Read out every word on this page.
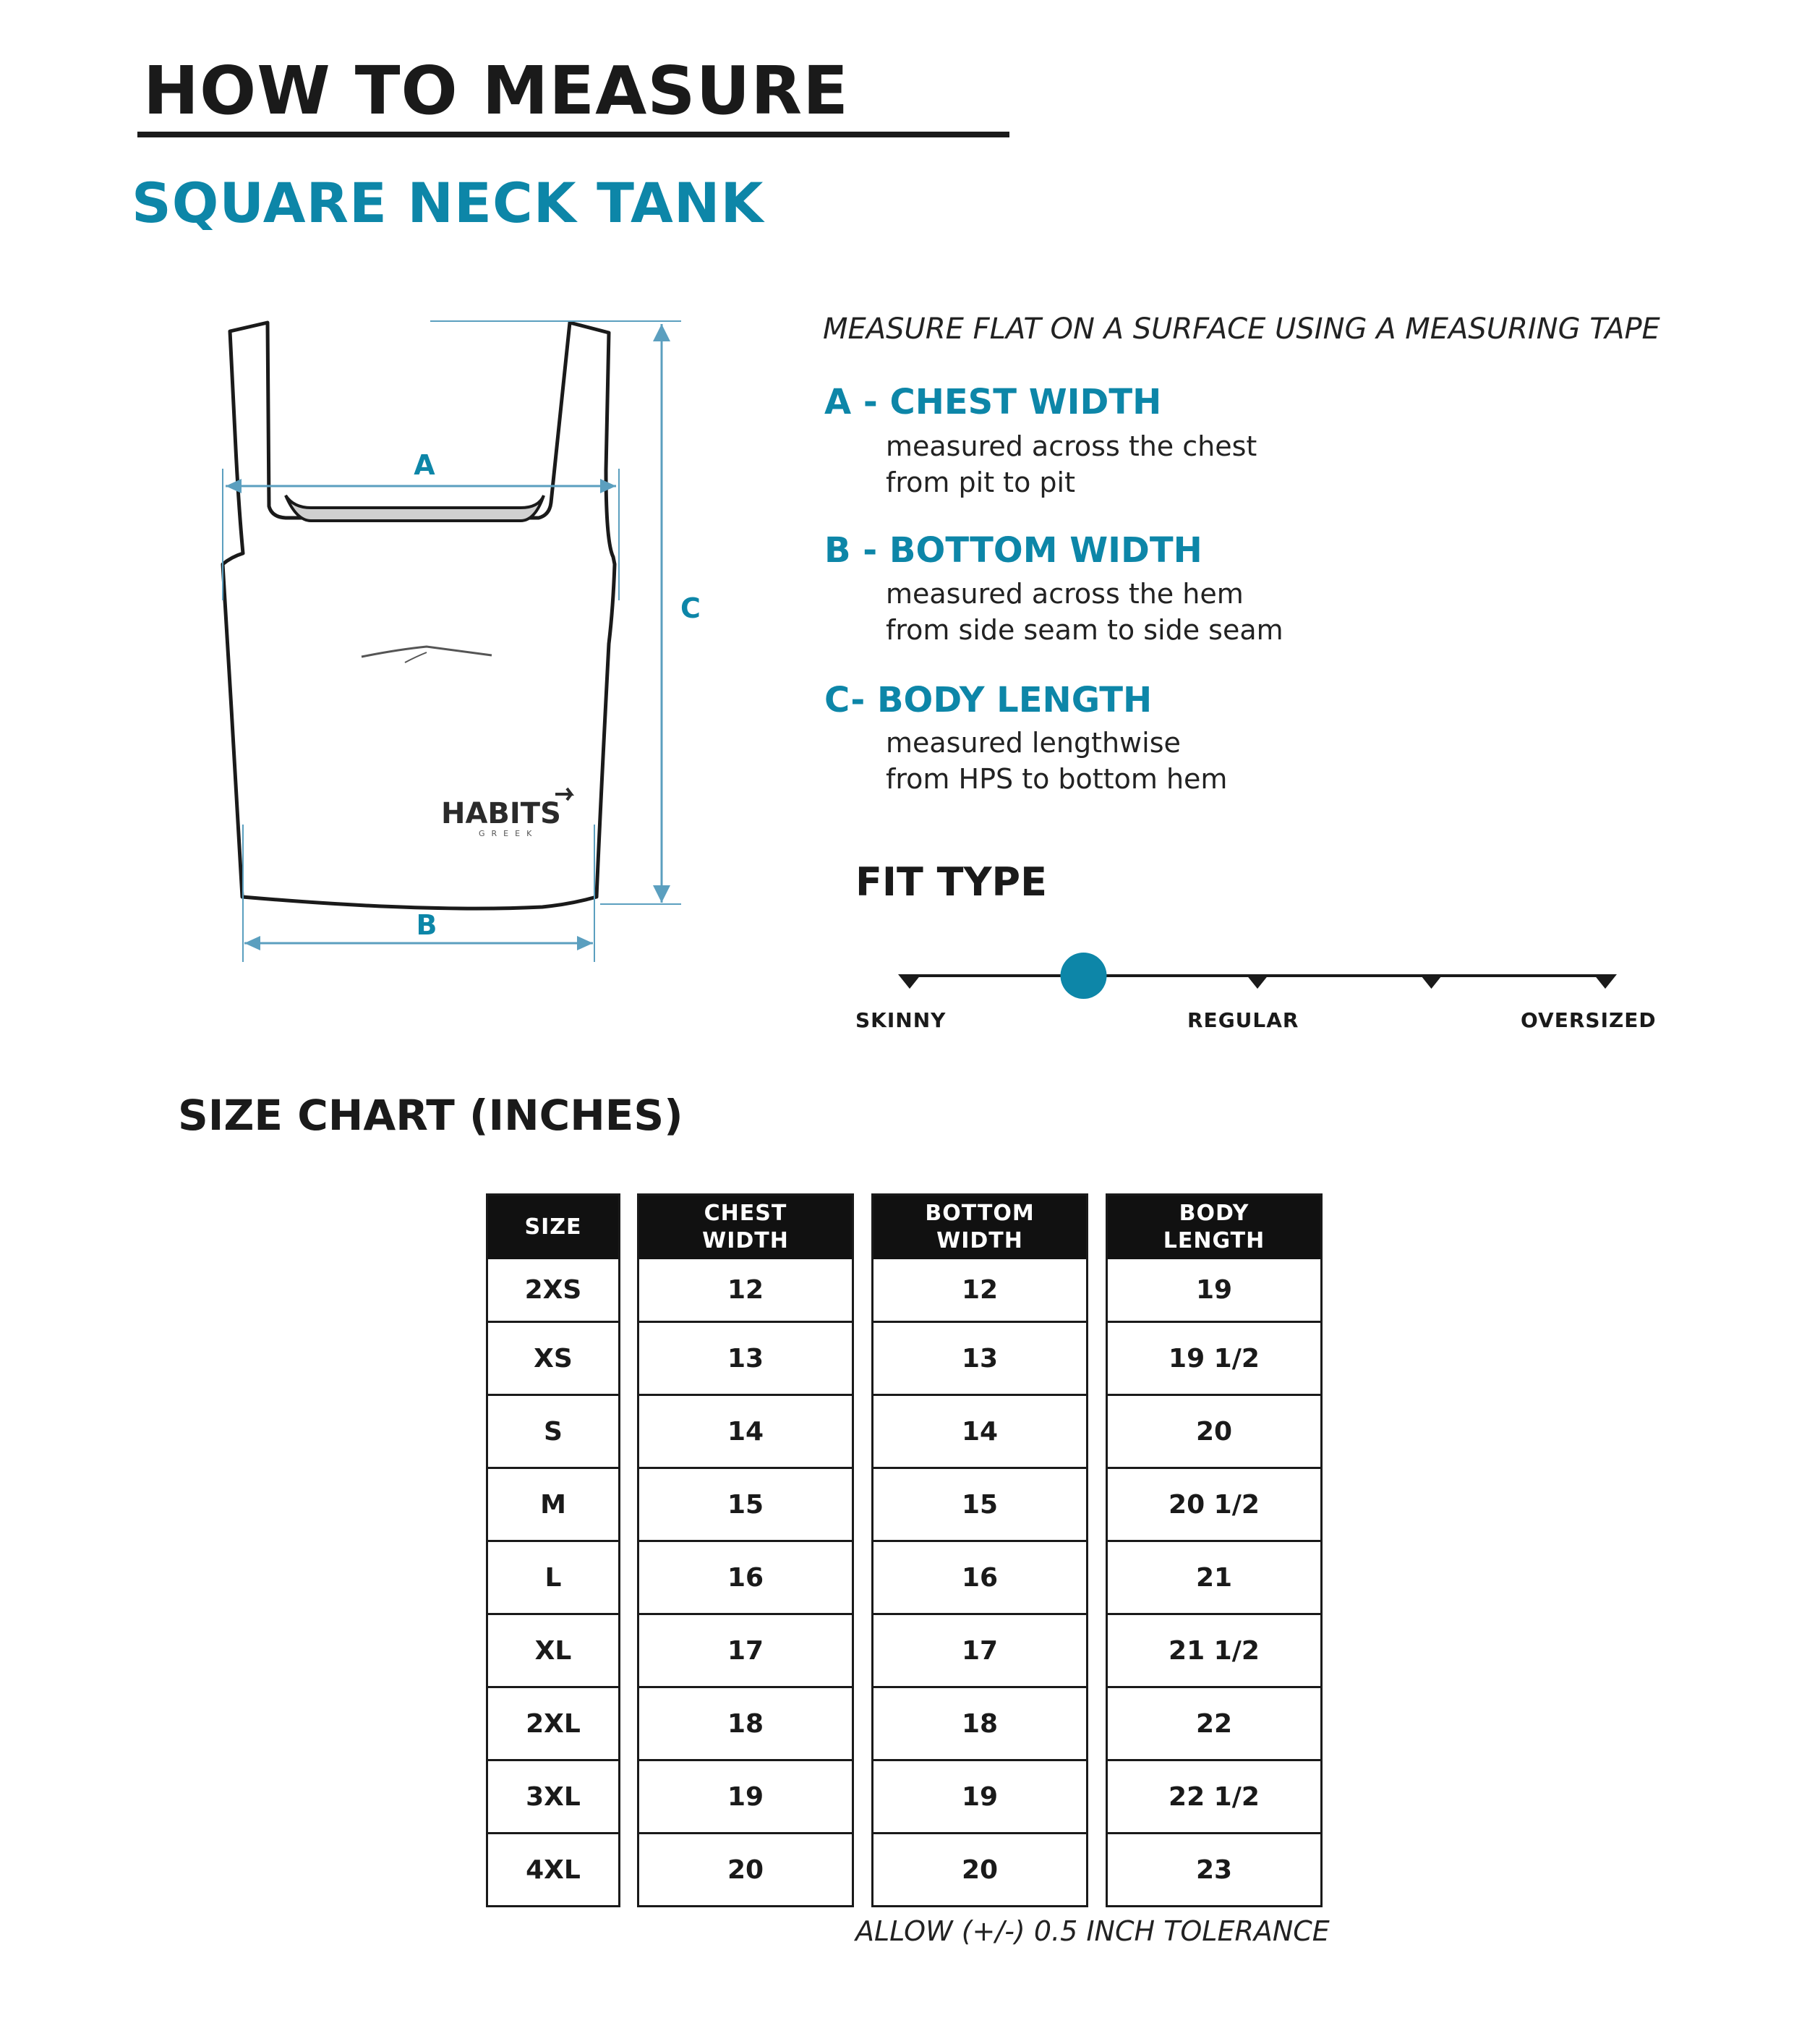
HOW TO MEASURE
SQUARE NECK TANK
A
B
C
HABITS
GREEK
MEASURE FLAT ON A SURFACE USING A MEASURING TAPE
A - CHEST WIDTH
measured across the chest
from pit to pit
B - BOTTOM WIDTH
measured across the hem
from side seam to side seam
C- BODY LENGTH
measured lengthwise
from HPS to bottom hem
FIT TYPE
SKINNY	REGULAR	OVERSIZED
SIZE CHART (INCHES)
SIZE
2XS
XS
S
M
L
XL
2XL
3XL
4XL
CHEST
WIDTH
12
13
14
15
16
17
18
19
20
BOTTOM
WIDTH
12
13
14
15
16
17
18
19
20
BODY
LENGTH
19
19 1/2
20
20 1/2
21
21 1/2
22
22 1/2
23
ALLOW (+/-) 0.5 INCH TOLERANCE
